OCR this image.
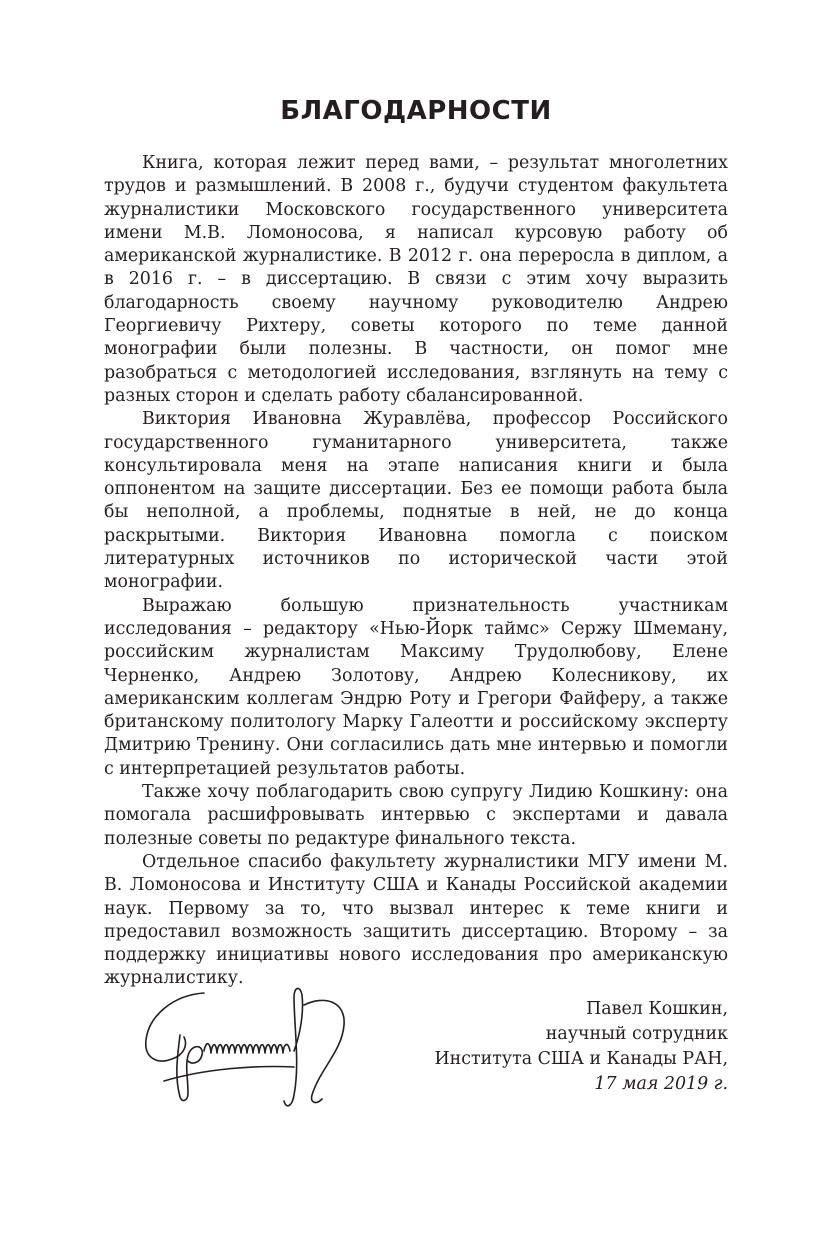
БЛАГОДАРНОСТИ

Книга, которая лежит перед вами, – результат многолетних трудов и размышлений. В 2008 г., будучи студентом факультета журналистики Московского государственного университета имени М.В. Ломоносова, я написал курсовую работу об американской журналистике. В 2012 г. она переросла в диплом, а в 2016 г. – в диссертацию. В связи с этим хочу выразить благодарность своему научному руководителю Андрею Георгиевичу Рихтеру, советы которого по теме данной монографии были полезны. В частности, он помог мне разобраться с методологией исследования, взглянуть на тему с разных сторон и сделать работу сбалансированной.

Виктория Ивановна Журавлёва, профессор Российского государственного гуманитарного университета, также консультировала меня на этапе написания книги и была оппонентом на защите диссертации. Без ее помощи работа была бы неполной, а проблемы, поднятые в ней, не до конца раскрытыми. Виктория Ивановна помогла с поиском литературных источников по исторической части этой монографии.

Выражаю большую признательность участникам исследования – редактору «Нью-Йорк таймс» Сержу Шмеману, российским журналистам Максиму Трудолюбову, Елене Черненко, Андрею Золотову, Андрею Колесникову, их американским коллегам Эндрю Роту и Грегори Файферу, а также британскому политологу Марку Галеотти и российскому эксперту Дмитрию Тренину. Они согласились дать мне интервью и помогли с интерпретацией результатов работы.

Также хочу поблагодарить свою супругу Лидию Кошкину: она помогала расшифровывать интервью с экспертами и давала полезные советы по редактуре финального текста.

Отдельное спасибо факультету журналистики МГУ имени М. В. Ломоносова и Институту США и Канады Российской академии наук. Первому за то, что вызвал интерес к теме книги и предоставил возможность защитить диссертацию. Второму – за поддержку инициативы нового исследования про американскую журналистику.

Павел Кошкин,
научный сотрудник
Института США и Канады РАН,
17 мая 2019 г.
